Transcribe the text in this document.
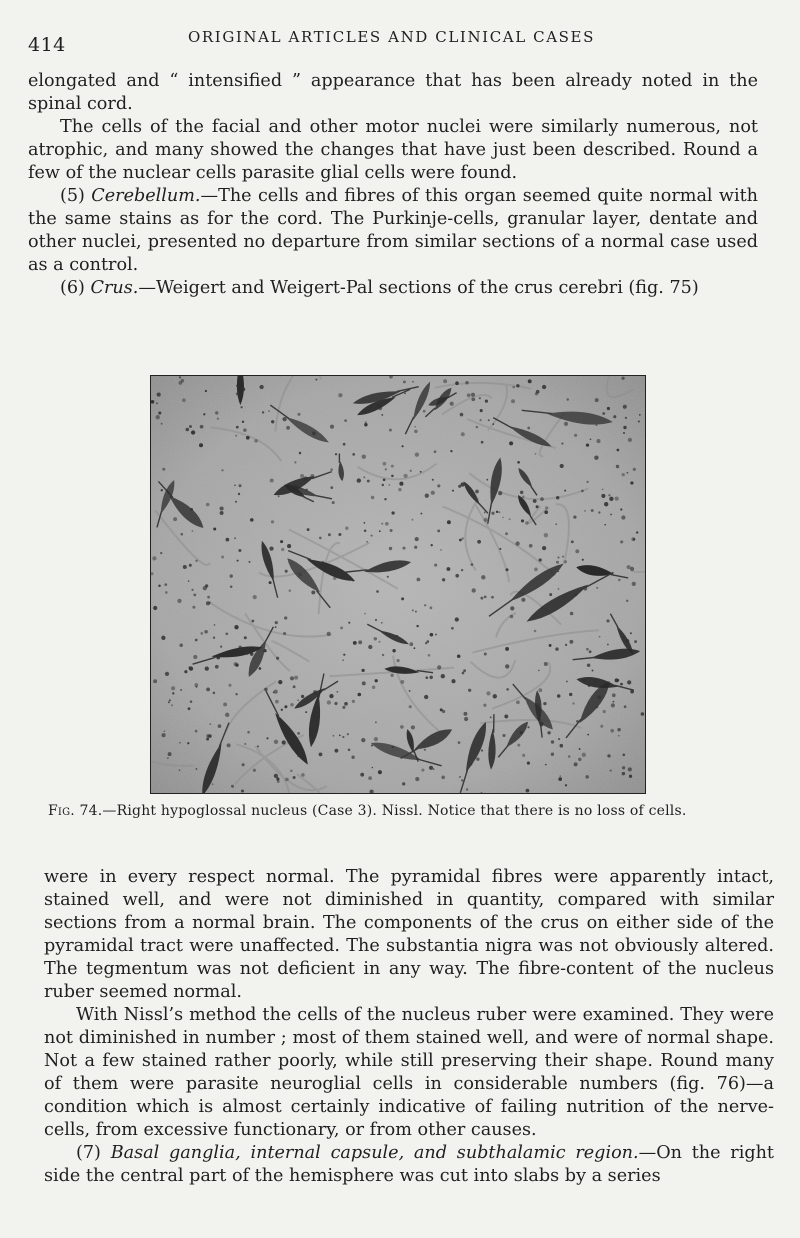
414	ORIGINAL ARTICLES AND CLINICAL CASES

elongated and “ intensified ” appearance that has been already noted in the spinal cord.

The cells of the facial and other motor nuclei were similarly numerous, not atrophic, and many showed the changes that have just been described. Round a few of the nuclear cells parasite glial cells were found.

(5) Cerebellum.—The cells and fibres of this organ seemed quite normal with the same stains as for the cord. The Purkinje-cells, granular layer, dentate and other nuclei, presented no departure from similar sections of a normal case used as a control.

(6) Crus.—Weigert and Weigert-Pal sections of the crus cerebri (fig. 75)

Fig. 74.—Right hypoglossal nucleus (Case 3). Nissl. Notice that there is no loss of cells.

were in every respect normal. The pyramidal fibres were apparently intact, stained well, and were not diminished in quantity, compared with similar sections from a normal brain. The components of the crus on either side of the pyramidal tract were unaffected. The substantia nigra was not obviously altered. The tegmentum was not deficient in any way. The fibre-content of the nucleus ruber seemed normal.

With Nissl’s method the cells of the nucleus ruber were examined. They were not diminished in number ; most of them stained well, and were of normal shape. Not a few stained rather poorly, while still preserving their shape. Round many of them were parasite neuroglial cells in considerable numbers (fig. 76)—a condition which is almost certainly indicative of failing nutrition of the nerve-cells, from excessive functionary, or from other causes.

(7) Basal ganglia, internal capsule, and subthalamic region.—On the right side the central part of the hemisphere was cut into slabs by a series
